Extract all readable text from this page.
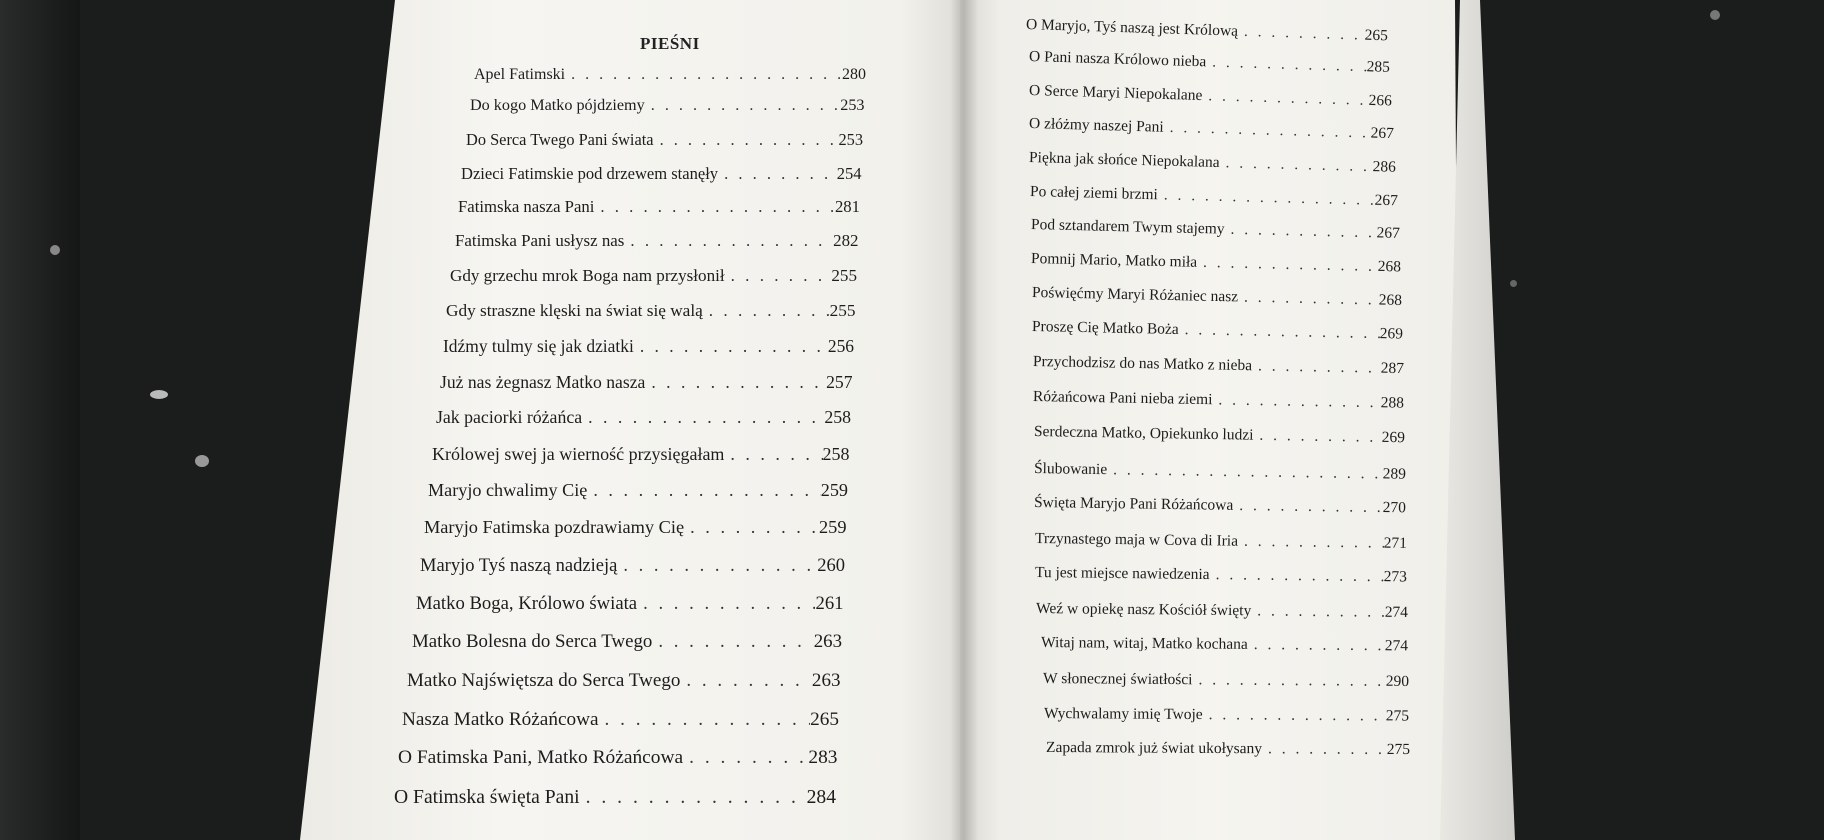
PIEŚNI
Apel Fatimski . . .	280
Do kogo Matko pójdziemy . . .	253
Do Serca Twego Pani świata . . .	253
Dzieci Fatimskie pod drzewem stanęły . . .	254
Fatimska nasza Pani . . .	281
Fatimska Pani usłysz nas . . .	282
Gdy grzechu mrok Boga nam przysłonił . . .	255
Gdy straszne klęski na świat się walą . . .	255
Idźmy tulmy się jak dziatki . . .	256
Już nas żegnasz Matko nasza . . .	257
Jak paciorki różańca . . .	258
Królowej swej ja wierność przysięgałam . . .	258
Maryjo chwalimy Cię . . .	259
Maryjo Fatimska pozdrawiamy Cię . . .	259
Maryjo Tyś naszą nadzieją . . .	260
Matko Boga, Królowo świata . . .	261
Matko Bolesna do Serca Twego . . .	263
Matko Najświętsza do Serca Twego . . .	263
Nasza Matko Różańcowa . . .	265
O Fatimska Pani, Matko Różańcowa . . .	283
O Fatimska święta Pani . . .	284
O Maryjo, Tyś naszą jest Królową . . .	265
O Pani nasza Królowo nieba . . .	285
O Serce Maryi Niepokalane . . .	266
O złóżmy naszej Pani . . .	267
Piękna jak słońce Niepokalana . . .	286
Po całej ziemi brzmi . . .	267
Pod sztandarem Twym stajemy . . .	267
Pomnij Mario, Matko miła . . .	268
Poświęćmy Maryi Różaniec nasz . . .	268
Proszę Cię Matko Boża . . .	269
Przychodzisz do nas Matko z nieba . . .	287
Różańcowa Pani nieba ziemi . . .	288
Serdeczna Matko, Opiekunko ludzi . . .	269
Ślubowanie . . .	289
Święta Maryjo Pani Różańcowa . . .	270
Trzynastego maja w Cova di Iria . . .	271
Tu jest miejsce nawiedzenia . . .	273
Weź w opiekę nasz Kościół święty . . .	274
Witaj nam, witaj, Matko kochana . . .	274
W słonecznej światłości . . .	290
Wychwalamy imię Twoje . . .	275
Zapada zmrok już świat ukołysany . . .	275
